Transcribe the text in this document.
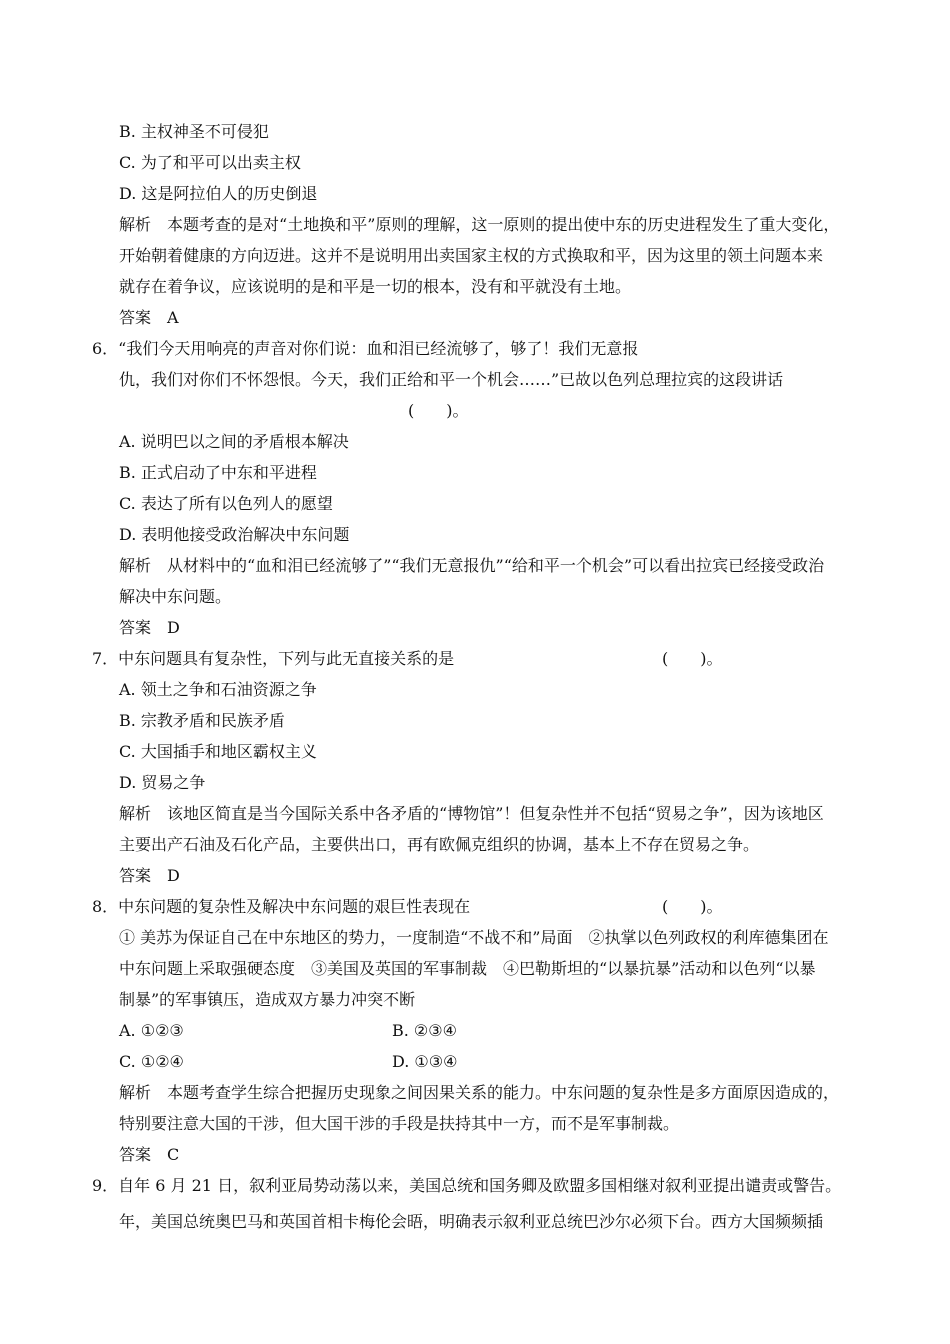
B. 主权神圣不可侵犯
C. 为了和平可以出卖主权
D. 这是阿拉伯人的历史倒退
解析 本题考查的是对“土地换和平”原则的理解，这一原则的提出使中东的历史进程发生了重大变化，
开始朝着健康的方向迈进。这并不是说明用出卖国家主权的方式换取和平，因为这里的领土问题本来
就存在着争议，应该说明的是和平是一切的根本，没有和平就没有土地。
答案 A
6．“我们今天用响亮的声音对你们说：血和泪已经流够了，够了！我们无意报
仇，我们对你们不怀怨恨。今天，我们正给和平一个机会……”已故以色列总理拉宾的这段讲话
(　　)。
A. 说明巴以之间的矛盾根本解决
B. 正式启动了中东和平进程
C. 表达了所有以色列人的愿望
D. 表明他接受政治解决中东问题
解析 从材料中的“血和泪已经流够了”“我们无意报仇”“给和平一个机会”可以看出拉宾已经接受政治
解决中东问题。
答案 D
7．中东问题具有复杂性，下列与此无直接关系的是	(　　)。
A. 领土之争和石油资源之争
B. 宗教矛盾和民族矛盾
C. 大国插手和地区霸权主义
D. 贸易之争
解析 该地区简直是当今国际关系中各矛盾的“博物馆”！但复杂性并不包括“贸易之争”，因为该地区
主要出产石油及石化产品，主要供出口，再有欧佩克组织的协调，基本上不存在贸易之争。
答案 D
8．中东问题的复杂性及解决中东问题的艰巨性表现在	(　　)。
① 美苏为保证自己在中东地区的势力，一度制造“不战不和”局面　②执掌以色列政权的利库德集团在
中东问题上采取强硬态度　③美国及英国的军事制裁　④巴勒斯坦的“以暴抗暴”活动和以色列“以暴
制暴”的军事镇压，造成双方暴力冲突不断
A. ①②③	B. ②③④
C. ①②④	D. ①③④
解析 本题考查学生综合把握历史现象之间因果关系的能力。中东问题的复杂性是多方面原因造成的，
特别要注意大国的干涉，但大国干涉的手段是扶持其中一方，而不是军事制裁。
答案 C
9．自年 6 月 21 日，叙利亚局势动荡以来，美国总统和国务卿及欧盟多国相继对叙利亚提出谴责或警告。
年，美国总统奥巴马和英国首相卡梅伦会晤，明确表示叙利亚总统巴沙尔必须下台。西方大国频频插
